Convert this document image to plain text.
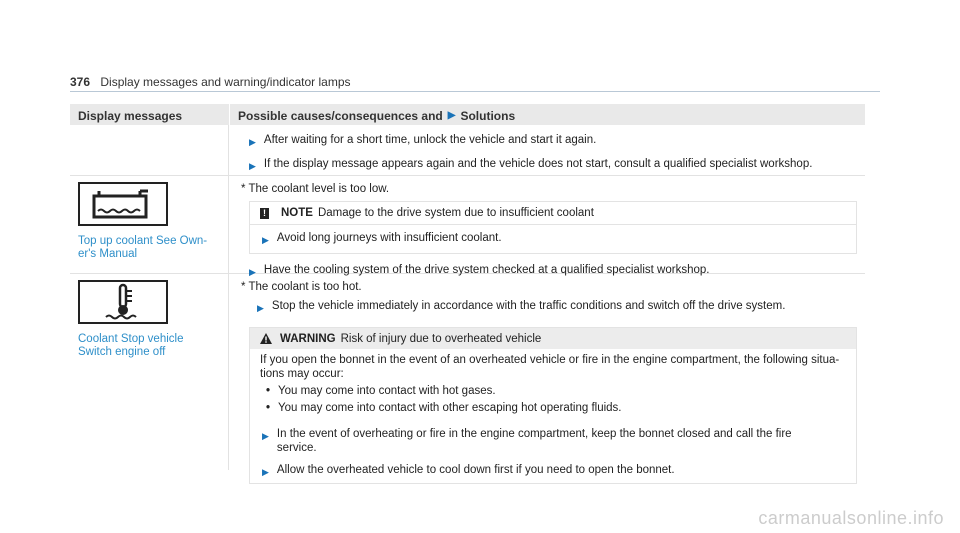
376 Display messages and warning/indicator lamps
Display messages	Possible causes/consequences and ▶ Solutions
▶ After waiting for a short time, unlock the vehicle and start it again.
▶ If the display message appears again and the vehicle does not start, consult a qualified specialist workshop.
Top up coolant See Own-er's Manual
* The coolant level is too low.
! NOTE Damage to the drive system due to insufficient coolant
▶ Avoid long journeys with insufficient coolant.
▶ Have the cooling system of the drive system checked at a qualified specialist workshop.
Coolant Stop vehicle
Switch engine off
* The coolant is too hot.
▶ Stop the vehicle immediately in accordance with the traffic conditions and switch off the drive system.
WARNING Risk of injury due to overheated vehicle
If you open the bonnet in the event of an overheated vehicle or fire in the engine compartment, the following situa-tions may occur:
• You may come into contact with hot gases.
• You may come into contact with other escaping hot operating fluids.
▶ In the event of overheating or fire in the engine compartment, keep the bonnet closed and call the fire service.
▶ Allow the overheated vehicle to cool down first if you need to open the bonnet.
carmanualsonline.info
